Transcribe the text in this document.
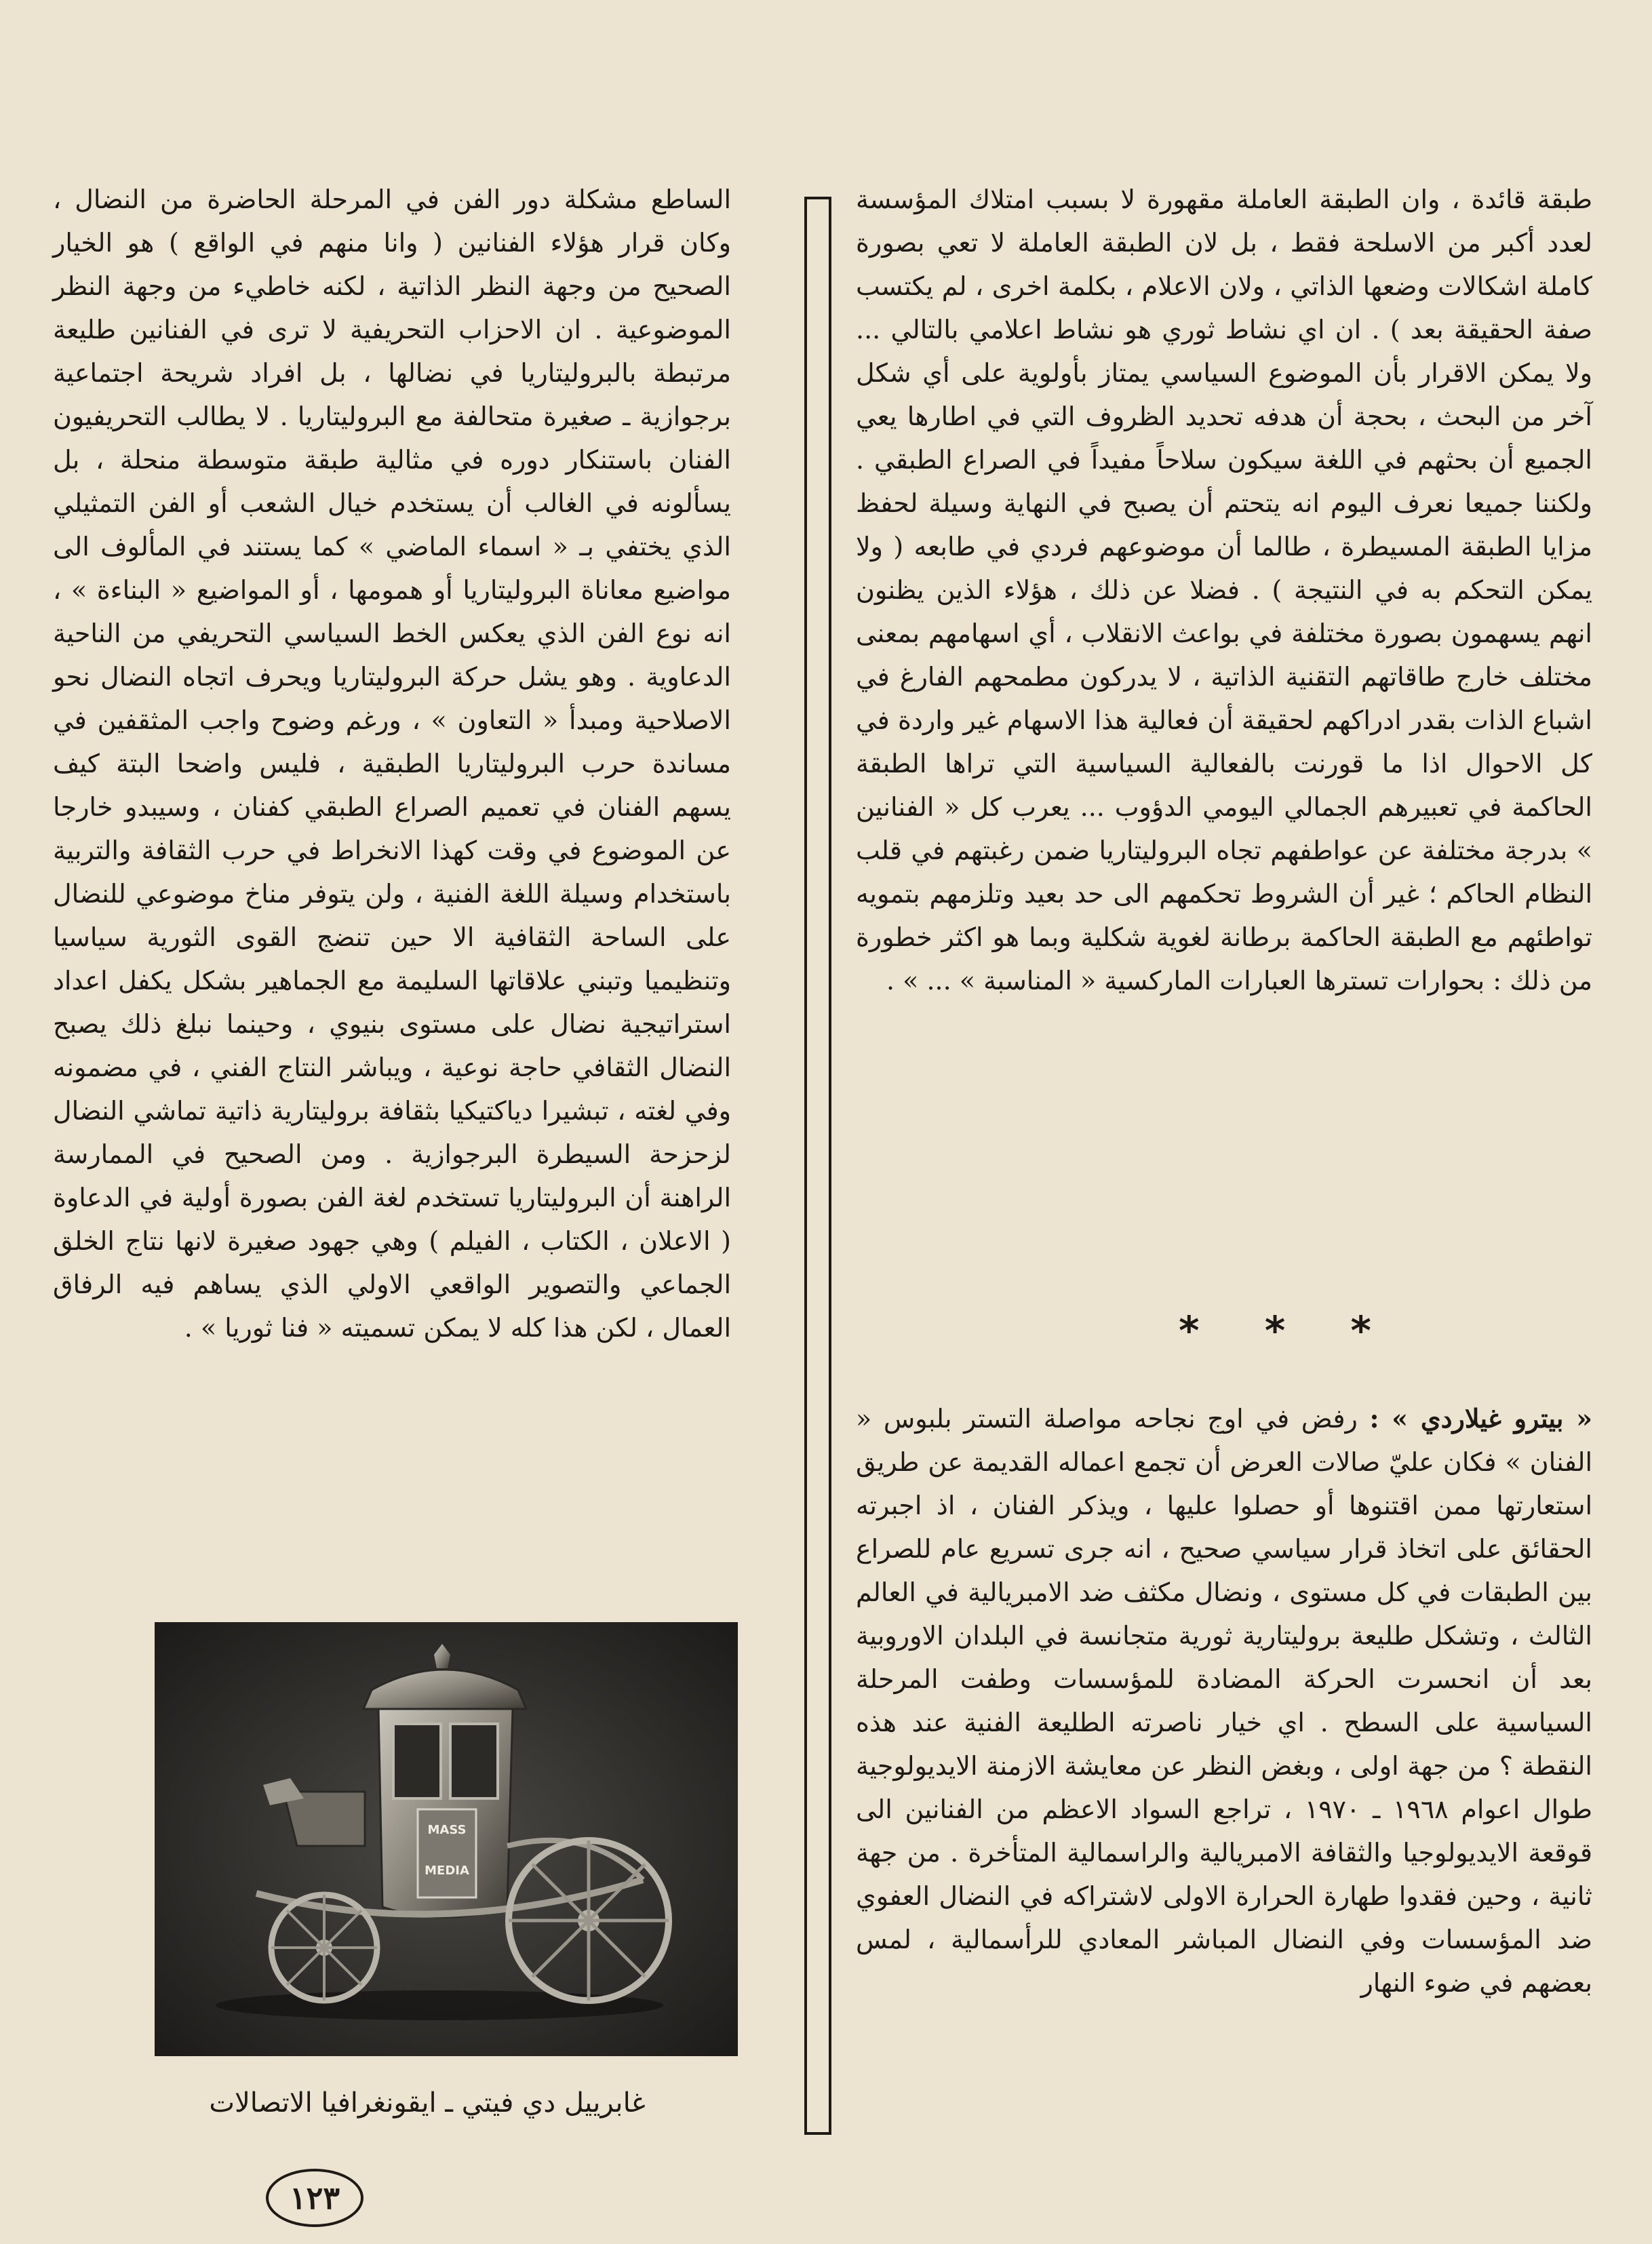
طبقة قائدة ، وان الطبقة العاملة مقهورة لا بسبب امتلاك المؤسسة لعدد أكبر من الاسلحة فقط ، بل لان الطبقة العاملة لا تعي بصورة كاملة اشكالات وضعها الذاتي ، ولان الاعلام ، بكلمة اخرى ، لم يكتسب صفة الحقيقة بعد ) . ان اي نشاط ثوري هو نشاط اعلامي بالتالي ... ولا يمكن الاقرار بأن الموضوع السياسي يمتاز بأولوية على أي شكل آخر من البحث ، بحجة أن هدفه تحديد الظروف التي في اطارها يعي الجميع أن بحثهم في اللغة سيكون سلاحاً مفيداً في الصراع الطبقي . ولكننا جميعا نعرف اليوم انه يتحتم أن يصبح في النهاية وسيلة لحفظ مزايا الطبقة المسيطرة ، طالما أن موضوعهم فردي في طابعه ( ولا يمكن التحكم به في النتيجة ) . فضلا عن ذلك ، هؤلاء الذين يظنون انهم يسهمون بصورة مختلفة في بواعث الانقلاب ، أي اسهامهم بمعنى مختلف خارج طاقاتهم التقنية الذاتية ، لا يدركون مطمحهم الفارغ في اشباع الذات بقدر ادراكهم لحقيقة أن فعالية هذا الاسهام غير واردة في كل الاحوال اذا ما قورنت بالفعالية السياسية التي تراها الطبقة الحاكمة في تعبيرهم الجمالي اليومي الدؤوب ... يعرب كل « الفنانين » بدرجة مختلفة عن عواطفهم تجاه البروليتاريا ضمن رغبتهم في قلب النظام الحاكم ؛ غير أن الشروط تحكمهم الى حد بعيد وتلزمهم بتمويه تواطئهم مع الطبقة الحاكمة برطانة لغوية شكلية وبما هو اكثر خطورة من ذلك : بحوارات تسترها العبارات الماركسية « المناسبة » ... » .

* * *

« بيترو غيلاردي » : رفض في اوج نجاحه مواصلة التستر بلبوس « الفنان » فكان عليّ صالات العرض أن تجمع اعماله القديمة عن طريق استعارتها ممن اقتنوها أو حصلوا عليها ، ويذكر الفنان ، اذ اجبرته الحقائق على اتخاذ قرار سياسي صحيح ، انه جرى تسريع عام للصراع بين الطبقات في كل مستوى ، ونضال مكثف ضد الامبريالية في العالم الثالث ، وتشكل طليعة بروليتارية ثورية متجانسة في البلدان الاوروبية بعد أن انحسرت الحركة المضادة للمؤسسات وطفت المرحلة السياسية على السطح . اي خيار ناصرته الطليعة الفنية عند هذه النقطة ؟ من جهة اولى ، وبغض النظر عن معايشة الازمنة الايديولوجية طوال اعوام ١٩٦٨ ـ ١٩٧٠ ، تراجع السواد الاعظم من الفنانين الى قوقعة الايديولوجيا والثقافة الامبريالية والراسمالية المتأخرة . من جهة ثانية ، وحين فقدوا طهارة الحرارة الاولى لاشتراكه في النضال العفوي ضد المؤسسات وفي النضال المباشر المعادي للرأسمالية ، لمس بعضهم في ضوء النهار

الساطع مشكلة دور الفن في المرحلة الحاضرة من النضال ، وكان قرار هؤلاء الفنانين ( وانا منهم في الواقع ) هو الخيار الصحيح من وجهة النظر الذاتية ، لكنه خاطيء من وجهة النظر الموضوعية . ان الاحزاب التحريفية لا ترى في الفنانين طليعة مرتبطة بالبروليتاريا في نضالها ، بل افراد شريحة اجتماعية برجوازية ـ صغيرة متحالفة مع البروليتاريا . لا يطالب التحريفيون الفنان باستنكار دوره في مثالية طبقة متوسطة منحلة ، بل يسألونه في الغالب أن يستخدم خيال الشعب أو الفن التمثيلي الذي يختفي بـ « اسماء الماضي » كما يستند في المألوف الى مواضيع معاناة البروليتاريا أو همومها ، أو المواضيع « البناءة » ، انه نوع الفن الذي يعكس الخط السياسي التحريفي من الناحية الدعاوية . وهو يشل حركة البروليتاريا ويحرف اتجاه النضال نحو الاصلاحية ومبدأ « التعاون » ، ورغم وضوح واجب المثقفين في مساندة حرب البروليتاريا الطبقية ، فليس واضحا البتة كيف يسهم الفنان في تعميم الصراع الطبقي كفنان ، وسيبدو خارجا عن الموضوع في وقت كهذا الانخراط في حرب الثقافة والتربية باستخدام وسيلة اللغة الفنية ، ولن يتوفر مناخ موضوعي للنضال على الساحة الثقافية الا حين تنضج القوى الثورية سياسيا وتنظيميا وتبني علاقاتها السليمة مع الجماهير بشكل يكفل اعداد استراتيجية نضال على مستوى بنيوي ، وحينما نبلغ ذلك يصبح النضال الثقافي حاجة نوعية ، ويباشر النتاج الفني ، في مضمونه وفي لغته ، تبشيرا دياكتيكيا بثقافة بروليتارية ذاتية تماشي النضال لزحزحة السيطرة البرجوازية . ومن الصحيح في الممارسة الراهنة أن البروليتاريا تستخدم لغة الفن بصورة أولية في الدعاوة ( الاعلان ، الكتاب ، الفيلم ) وهي جهود صغيرة لانها نتاج الخلق الجماعي والتصوير الواقعي الاولي الذي يساهم فيه الرفاق العمال ، لكن هذا كله لا يمكن تسميته « فنا ثوريا » .

MASS
MEDIA
غابرييل دي فيتي ـ ايقونغرافيا الاتصالات
١٢٣
